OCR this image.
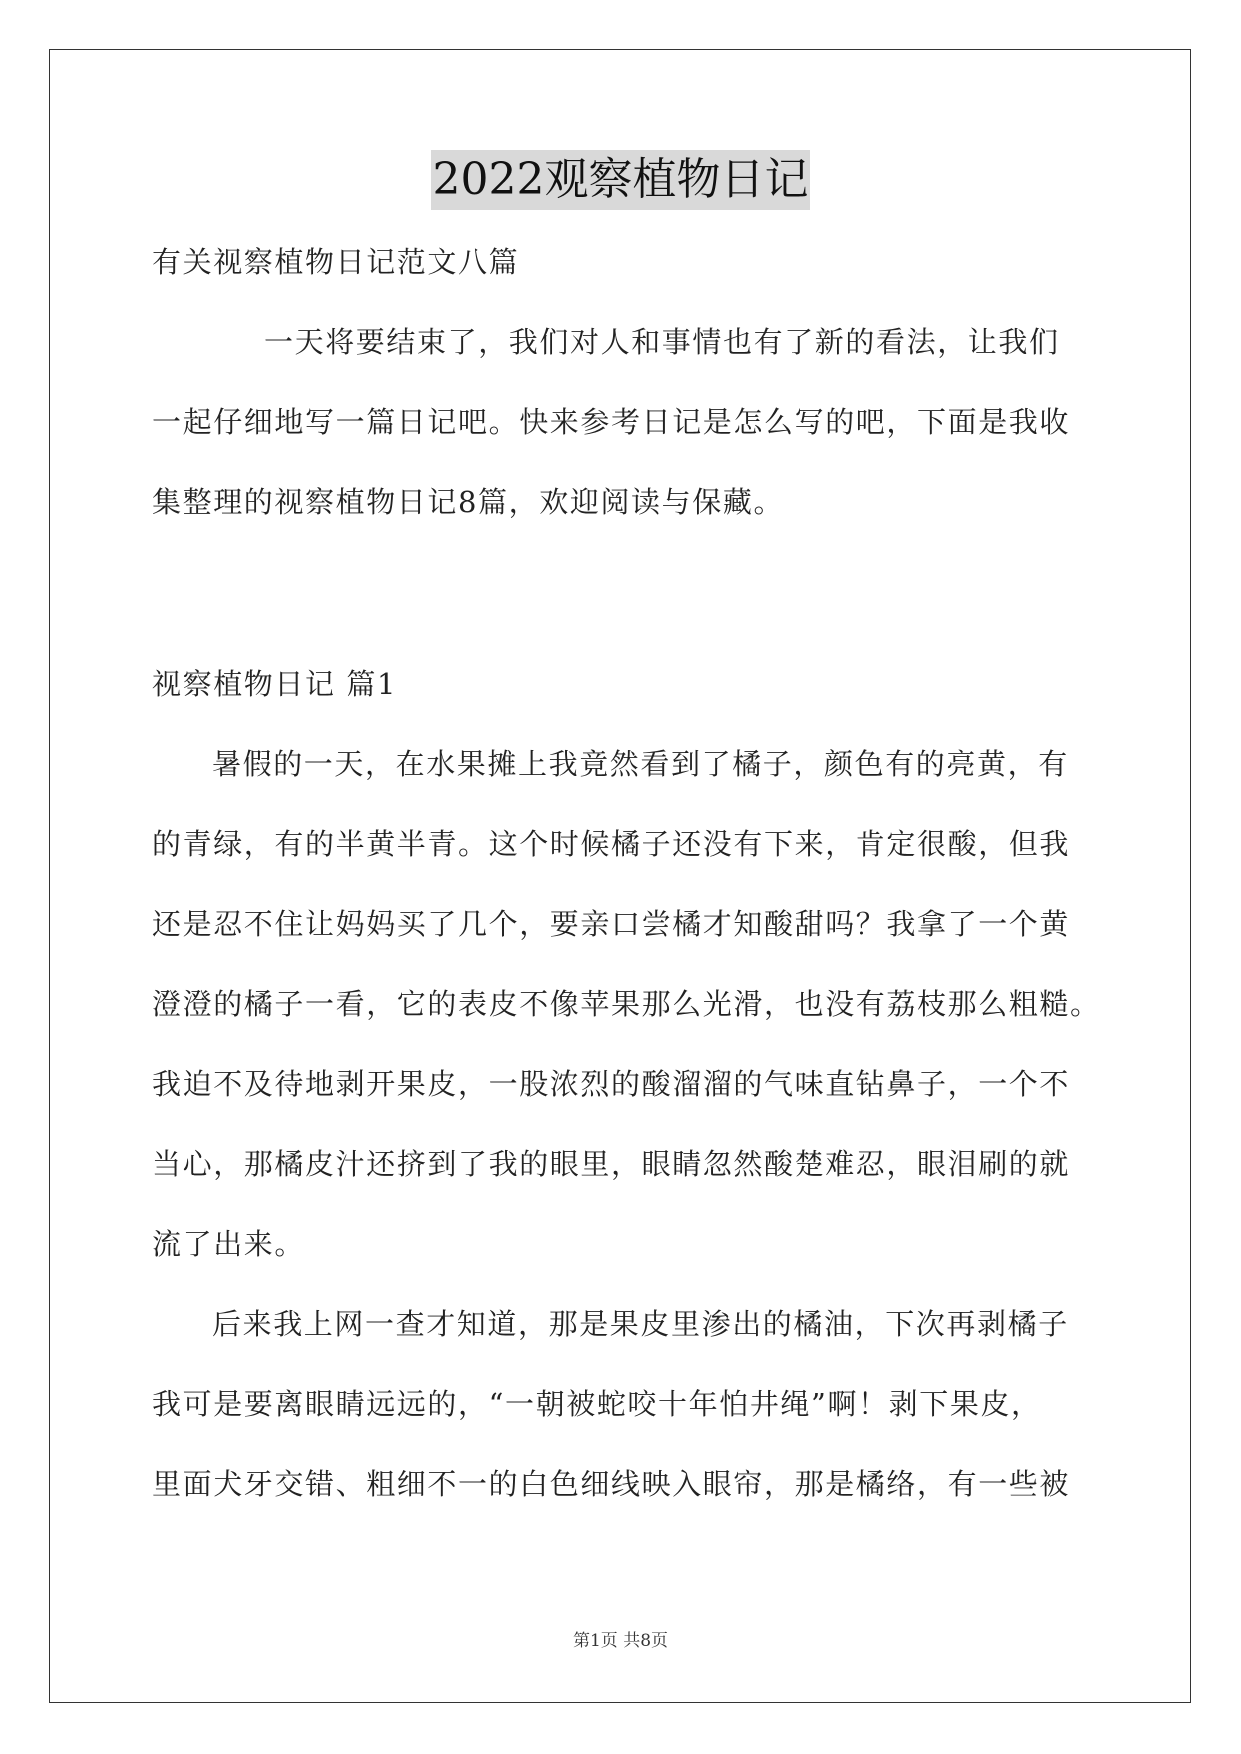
2022观察植物日记
有关视察植物日记范文八篇
一天将要结束了，我们对人和事情也有了新的看法，让我们
一起仔细地写一篇日记吧。快来参考日记是怎么写的吧，下面是我收
集整理的视察植物日记8篇，欢迎阅读与保藏。
视察植物日记 篇1
暑假的一天，在水果摊上我竟然看到了橘子，颜色有的亮黄，有
的青绿，有的半黄半青。这个时候橘子还没有下来，肯定很酸，但我
还是忍不住让妈妈买了几个，要亲口尝橘才知酸甜吗？我拿了一个黄
澄澄的橘子一看，它的表皮不像苹果那么光滑，也没有荔枝那么粗糙。
我迫不及待地剥开果皮，一股浓烈的酸溜溜的气味直钻鼻子，一个不
当心，那橘皮汁还挤到了我的眼里，眼睛忽然酸楚难忍，眼泪刷的就
流了出来。
后来我上网一查才知道，那是果皮里渗出的橘油，下次再剥橘子
我可是要离眼睛远远的，“一朝被蛇咬十年怕井绳”啊！剥下果皮，
里面犬牙交错、粗细不一的白色细线映入眼帘，那是橘络，有一些被
第1页 共8页
